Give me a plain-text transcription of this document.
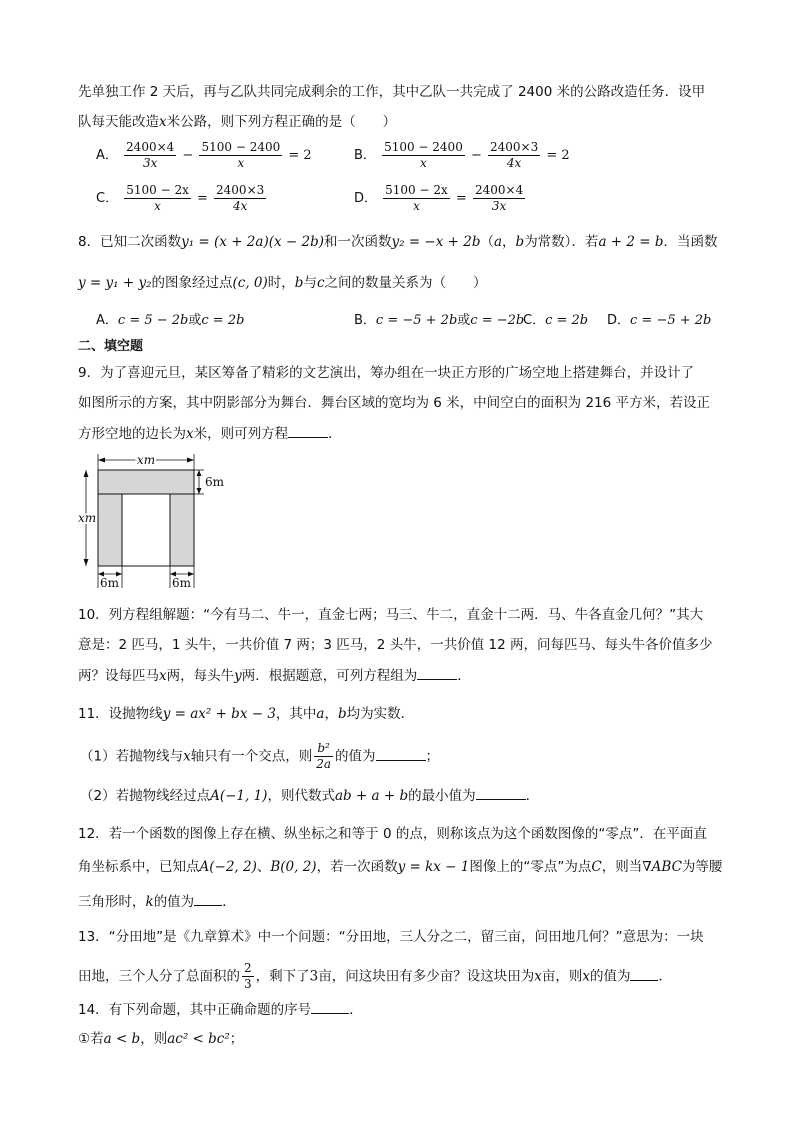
先单独工作 2 天后，再与乙队共同完成剩余的工作，其中乙队一共完成了 2400 米的公路改造任务．设甲
队每天能改造x米公路，则下列方程正确的是（　　）
A． $\frac{2400\times 4}{3x} - \frac{5100 - 2400}{x} = 2$	B． $\frac{5100 - 2400}{x} - \frac{2400\times 3}{4x} = 2$
C． $\frac{5100 - 2x}{x} = \frac{2400\times 3}{4x}$	D． $\frac{5100 - 2x}{x} = \frac{2400\times 4}{3x}$
8．已知二次函数y₁ = (x + 2a)(x − 2b)和一次函数y₂ = −x + 2b（a，b为常数）．若a + 2 = b．当函数
y = y₁ + y₂的图象经过点(c, 0)时，b与c之间的数量关系为（　　）
A．c = 5 − 2b或c = 2b	B．c = −5 + 2b或c = −2b
C．c = 2b D．c = −5 + 2b
二、填空题
9．为了喜迎元旦，某区筹备了精彩的文艺演出，筹办组在一块正方形的广场空地上搭建舞台，并设计了
如图所示的方案，其中阴影部分为舞台．舞台区域的宽均为 6 米，中间空白的面积为 216 平方米，若设正
方形空地的边长为x米，则可列方程	．
xm
xm
6m
6m	6m
10．列方程组解题：“今有马二、牛一，直金七两；马三、牛二，直金十二两．马、牛各直金几何？”其大
意是：2 匹马，1 头牛，一共价值 7 两；3 匹马，2 头牛，一共价值 12 两，问每匹马、每头牛各价值多少
两？设每匹马x两，每头牛y两．根据题意，可列方程组为	．
11．设抛物线y = ax² + bx − 3，其中a，b均为实数．
（1）若抛物线与x轴只有一个交点，则 $\frac{\text{b²}}{2a}$ 的值为	；
（2）若抛物线经过点A(−1, 1)，则代数式ab + a + b的最小值为	．
12．若一个函数的图像上存在横、纵坐标之和等于 0 的点，则称该点为这个函数图像的“零点”．在平面直
角坐标系中，已知点A(−2, 2)、B(0, 2)，若一次函数y = kx − 1图像上的“零点”为点C，则当∇ABC为等腰
三角形时，k的值为 ．
13．“分田地”是《九章算术》中一个问题：“分田地，三人分之二，留三亩，问田地几何？”意思为：一块
田地，三个人分了总面积的 $\frac{2}{3}$ ，剩下了3亩，问这块田有多少亩？设这块田为x亩，则x的值为 ．
14．有下列命题，其中正确命题的序号	．
①若a < b，则ac² < bc²；
